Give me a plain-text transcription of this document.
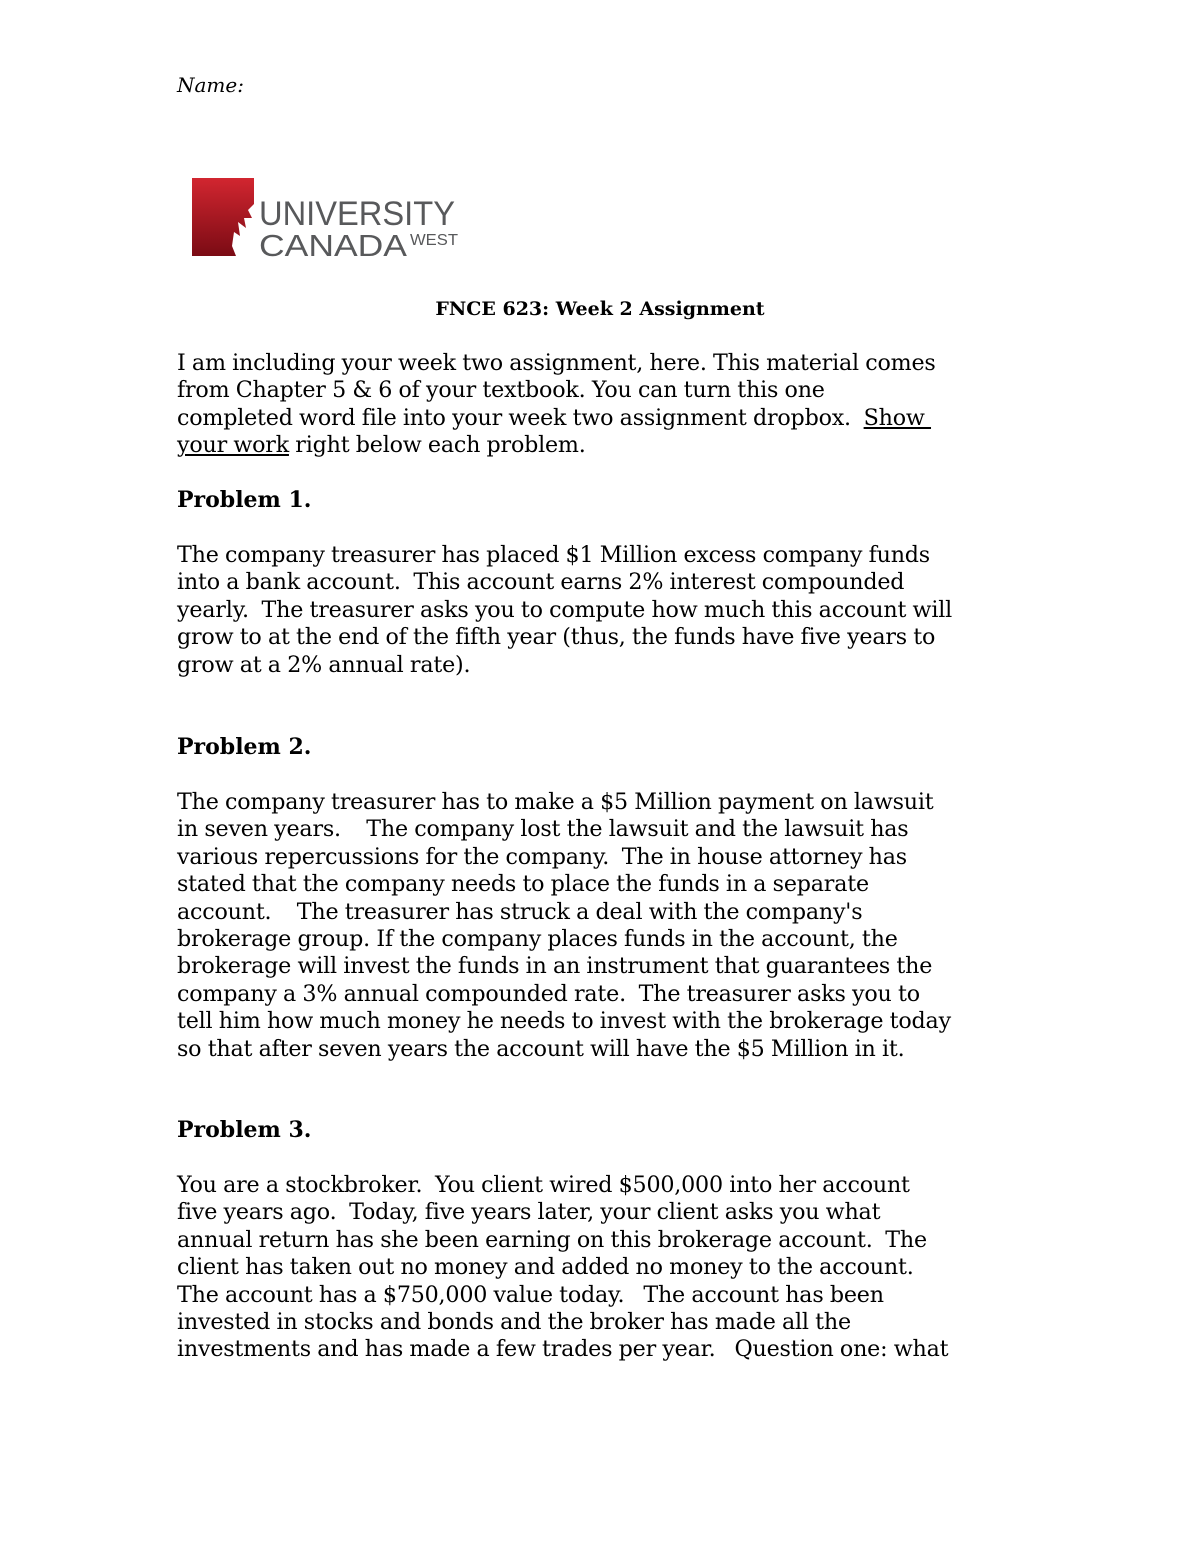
Name:
UNIVERSITY
CANADA WEST
FNCE 623: Week 2 Assignment
I am including your week two assignment, here. This material comes
from Chapter 5 & 6 of your textbook. You can turn this one
completed word file into your week two assignment dropbox.  Show
your work right below each problem.
Problem 1.
The company treasurer has placed $1 Million excess company funds
into a bank account.  This account earns 2% interest compounded
yearly.  The treasurer asks you to compute how much this account will
grow to at the end of the fifth year (thus, the funds have five years to
grow at a 2% annual rate).
Problem 2.
The company treasurer has to make a $5 Million payment on lawsuit
in seven years.    The company lost the lawsuit and the lawsuit has
various repercussions for the company.  The in house attorney has
stated that the company needs to place the funds in a separate
account.    The treasurer has struck a deal with the company's
brokerage group. If the company places funds in the account, the
brokerage will invest the funds in an instrument that guarantees the
company a 3% annual compounded rate.  The treasurer asks you to
tell him how much money he needs to invest with the brokerage today
so that after seven years the account will have the $5 Million in it.
Problem 3.
You are a stockbroker.  You client wired $500,000 into her account
five years ago.  Today, five years later, your client asks you what
annual return has she been earning on this brokerage account.  The
client has taken out no money and added no money to the account.
The account has a $750,000 value today.   The account has been
invested in stocks and bonds and the broker has made all the
investments and has made a few trades per year.   Question one: what
